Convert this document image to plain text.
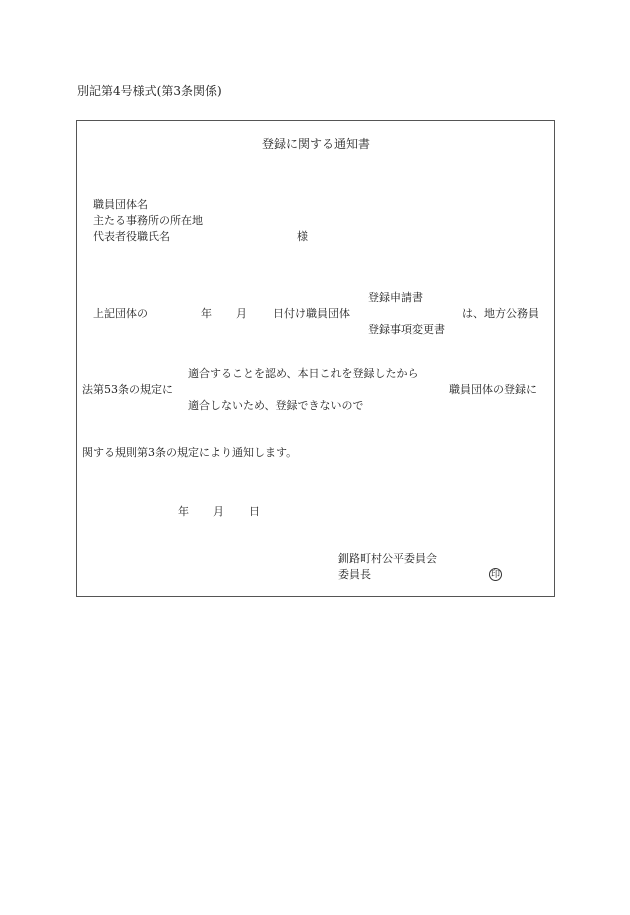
別記第4号様式(第3条関係)
登録に関する通知書
職員団体名
主たる事務所の所在地
代表者役職氏名	様
登録申請書
上記団体の	年 月 日付け職員団体	は、地方公務員
登録事項変更書
適合することを認め、本日これを登録したから
法第53条の規定に	職員団体の登録に
適合しないため、登録できないので
関する規則第3条の規定により通知します。
年 月 日
釧路町村公平委員会
委員長	印
